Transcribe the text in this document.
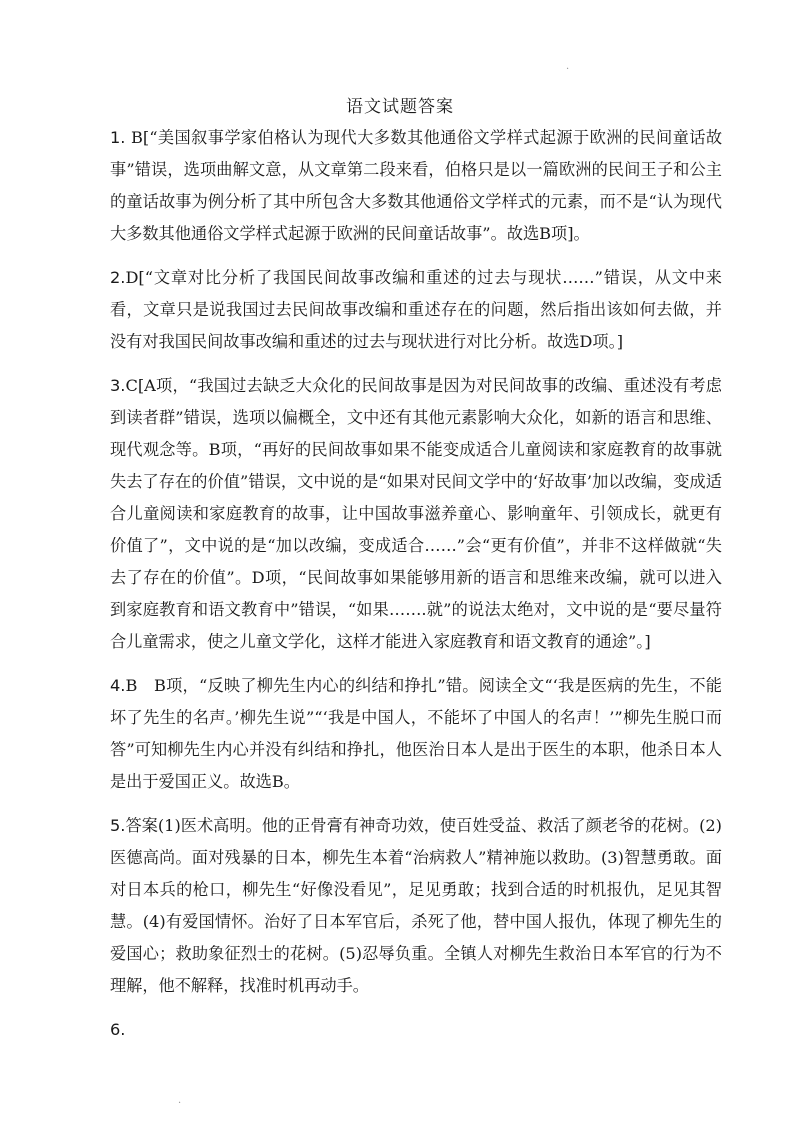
·
语文试题答案

1. B[“美国叙事学家伯格认为现代大多数其他通俗文学样式起源于欧洲的民间童话故事”错误，选项曲解文意，从文章第二段来看，伯格只是以一篇欧洲的民间王子和公主的童话故事为例分析了其中所包含大多数其他通俗文学样式的元素，而不是“认为现代大多数其他通俗文学样式起源于欧洲的民间童话故事”。故选B项]。

2.D[“文章对比分析了我国民间故事改编和重述的过去与现状……”错误，从文中来看，文章只是说我国过去民间故事改编和重述存在的问题，然后指出该如何去做，并没有对我国民间故事改编和重述的过去与现状进行对比分析。故选D项。]

3.C[A项，“我国过去缺乏大众化的民间故事是因为对民间故事的改编、重述没有考虑到读者群”错误，选项以偏概全，文中还有其他元素影响大众化，如新的语言和思维、现代观念等。B项，“再好的民间故事如果不能变成适合儿童阅读和家庭教育的故事就失去了存在的价值”错误，文中说的是“如果对民间文学中的‘好故事’加以改编，变成适合儿童阅读和家庭教育的故事，让中国故事滋养童心、影响童年、引领成长，就更有价值了”，文中说的是“加以改编，变成适合……”会“更有价值”，并非不这样做就“失去了存在的价值”。D项，“民间故事如果能够用新的语言和思维来改编，就可以进入到家庭教育和语文教育中”错误，“如果…….就”的说法太绝对，文中说的是“要尽量符合儿童需求，使之儿童文学化，这样才能进入家庭教育和语文教育的通途”。]

4.B　B项，“反映了柳先生内心的纠结和挣扎”错。阅读全文“‘我是医病的先生，不能坏了先生的名声。’柳先生说”“‘我是中国人，不能坏了中国人的名声！’”柳先生脱口而答”可知柳先生内心并没有纠结和挣扎，他医治日本人是出于医生的本职，他杀日本人是出于爱国正义。故选B。

5.答案(1)医术高明。他的正骨膏有神奇功效，使百姓受益、救活了颜老爷的花树。(2)医德高尚。面对残暴的日本，柳先生本着“治病救人”精神施以救助。(3)智慧勇敢。面对日本兵的枪口，柳先生“好像没看见”，足见勇敢；找到合适的时机报仇，足见其智慧。(4)有爱国情怀。治好了日本军官后，杀死了他，替中国人报仇，体现了柳先生的爱国心；救助象征烈士的花树。(5)忍辱负重。全镇人对柳先生救治日本军官的行为不理解，他不解释，找准时机再动手。

6.

·
